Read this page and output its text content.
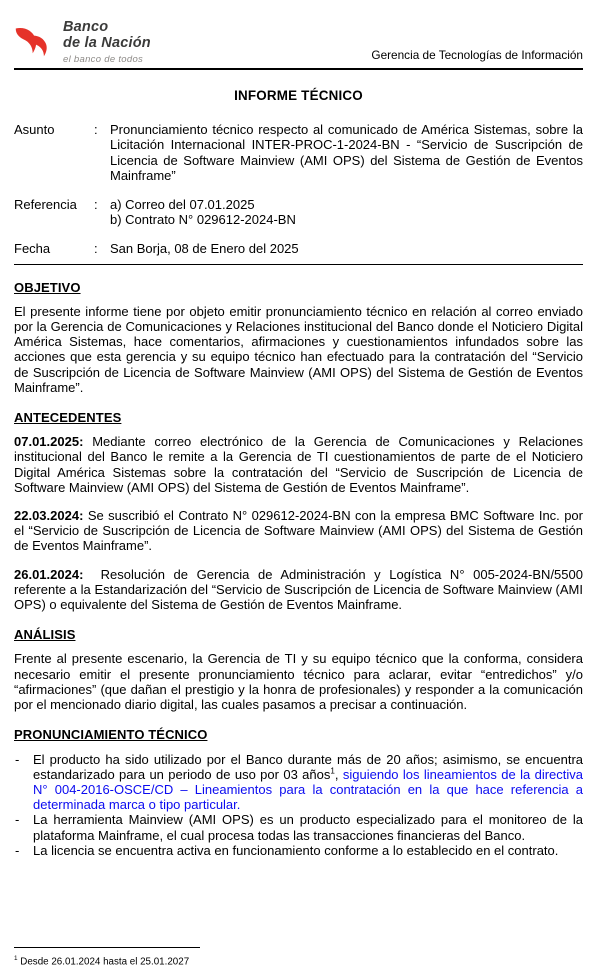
Banco
de la Nación
el banco de todos	Gerencia de Tecnologías de Información
INFORME TÉCNICO
Asunto	: Pronunciamiento técnico respecto al comunicado de América Sistemas, sobre la Licitación Internacional INTER-PROC-1-2024-BN - “Servicio de Suscripción de Licencia de Software Mainview (AMI OPS) del Sistema de Gestión de Eventos Mainframe”
Referencia	: a) Correo del 07.01.2025
b) Contrato N° 029612-2024-BN
Fecha	: San Borja, 08 de Enero del 2025
OBJETIVO

El presente informe tiene por objeto emitir pronunciamiento técnico en relación al correo enviado por la Gerencia de Comunicaciones y Relaciones institucional del Banco donde el Noticiero Digital América Sistemas, hace comentarios, afirmaciones y cuestionamientos infundados sobre las acciones que esta gerencia y su equipo técnico han efectuado para la contratación del “Servicio de Suscripción de Licencia de Software Mainview (AMI OPS) del Sistema de Gestión de Eventos Mainframe”.

ANTECEDENTES

07.01.2025: Mediante correo electrónico de la Gerencia de Comunicaciones y Relaciones institucional del Banco le remite a la Gerencia de TI cuestionamientos de parte de el Noticiero Digital América Sistemas sobre la contratación del “Servicio de Suscripción de Licencia de Software Mainview (AMI OPS) del Sistema de Gestión de Eventos Mainframe”.

22.03.2024: Se suscribió el Contrato N° 029612-2024-BN con la empresa BMC Software Inc. por el “Servicio de Suscripción de Licencia de Software Mainview (AMI OPS) del Sistema de Gestión de Eventos Mainframe”.

26.01.2024: Resolución de Gerencia de Administración y Logística N° 005-2024-BN/5500 referente a la Estandarización del “Servicio de Suscripción de Licencia de Software Mainview (AMI OPS) o equivalente del Sistema de Gestión de Eventos Mainframe.

ANÁLISIS

Frente al presente escenario, la Gerencia de TI y su equipo técnico que la conforma, considera necesario emitir el presente pronunciamiento técnico para aclarar, evitar “entredichos” y/o “afirmaciones” (que dañan el prestigio y la honra de profesionales) y responder a la comunicación por el mencionado diario digital, las cuales pasamos a precisar a continuación.

PRONUNCIAMIENTO TÉCNICO
-	El producto ha sido utilizado por el Banco durante más de 20 años; asimismo, se encuentra estandarizado para un periodo de uso por 03 años$^1$, siguiendo los lineamientos de la directiva N° 004-2016-OSCE/CD – Lineamientos para la contratación en la que hace referencia a determinada marca o tipo particular.
-	La herramienta Mainview (AMI OPS) es un producto especializado para el monitoreo de la plataforma Mainframe, el cual procesa todas las transacciones financieras del Banco.
-	La licencia se encuentra activa en funcionamiento conforme a lo establecido en el contrato.
$^1$ Desde 26.01.2024 hasta el 25.01.2027
